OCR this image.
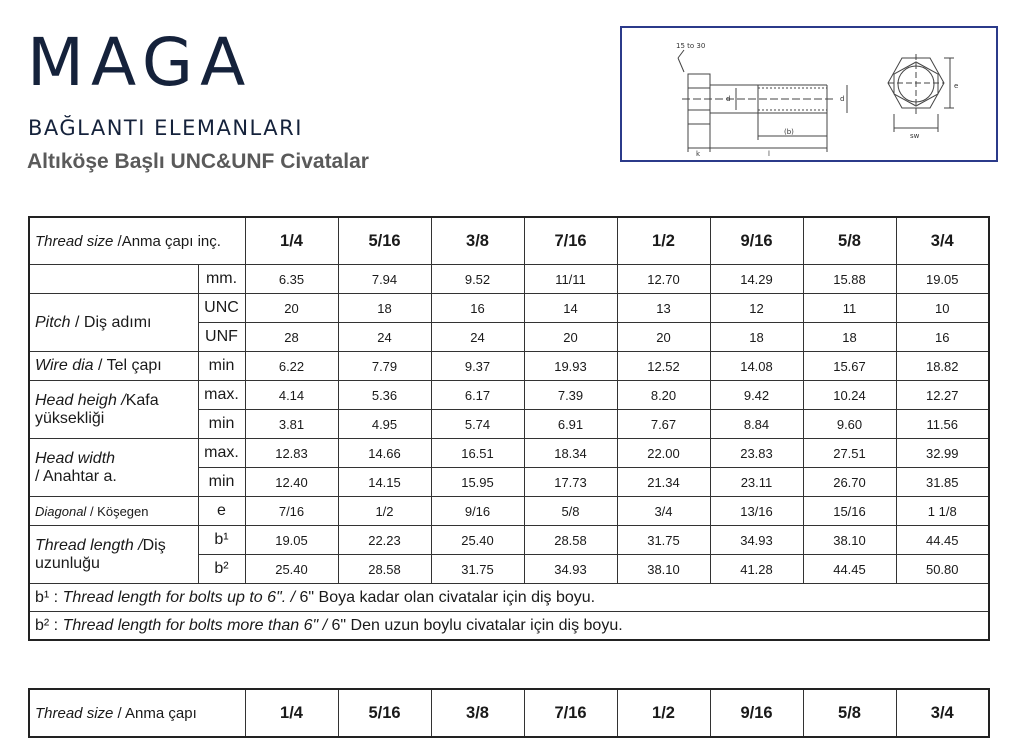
MAGA
BAĞLANTI ELEMANLARI
Altıköşe Başlı UNC&UNF Civatalar
15 to 30
d	d
e
k	l
(b)	sw
Thread size /Anma çapı inç.		1/4	5/16	3/8	7/16	1/2	9/16	5/8	3/4
	mm.	6.35	7.94	9.52	11/11	12.70	14.29	15.88	19.05
Pitch / Diş adımı	UNC	20	18	16	14	13	12	11	10
	UNF	28	24	24	20	20	18	18	16
Wire dia / Tel çapı	min	6.22	7.79	9.37	19.93	12.52	14.08	15.67	18.82
Head heigh /Kafa yüksekliği	max.	4.14	5.36	6.17	7.39	8.20	9.42	10.24	12.27
	min	3.81	4.95	5.74	6.91	7.67	8.84	9.60	11.56
Head width
/ Anahtar a.	max.	12.83	14.66	16.51	18.34	22.00	23.83	27.51	32.99
	min	12.40	14.15	15.95	17.73	21.34	23.11	26.70	31.85
Diagonal / Köşegen	e	7/16	1/2	9/16	5/8	3/4	13/16	15/16	1 1/8
Thread length /Diş uzunluğu	b¹	19.05	22.23	25.40	28.58	31.75	34.93	38.10	44.45
	b²	25.40	28.58	31.75	34.93	38.10	41.28	44.45	50.80
b¹ : Thread length for bolts up to 6". / 6" Boya kadar olan civatalar için diş boyu.									
b² : Thread length for bolts more than 6" / 6" Den uzun boylu civatalar için diş boyu.									
Thread size / Anma çapı	1/4	5/16	3/8	7/16	1/2	9/16	5/8	3/4
